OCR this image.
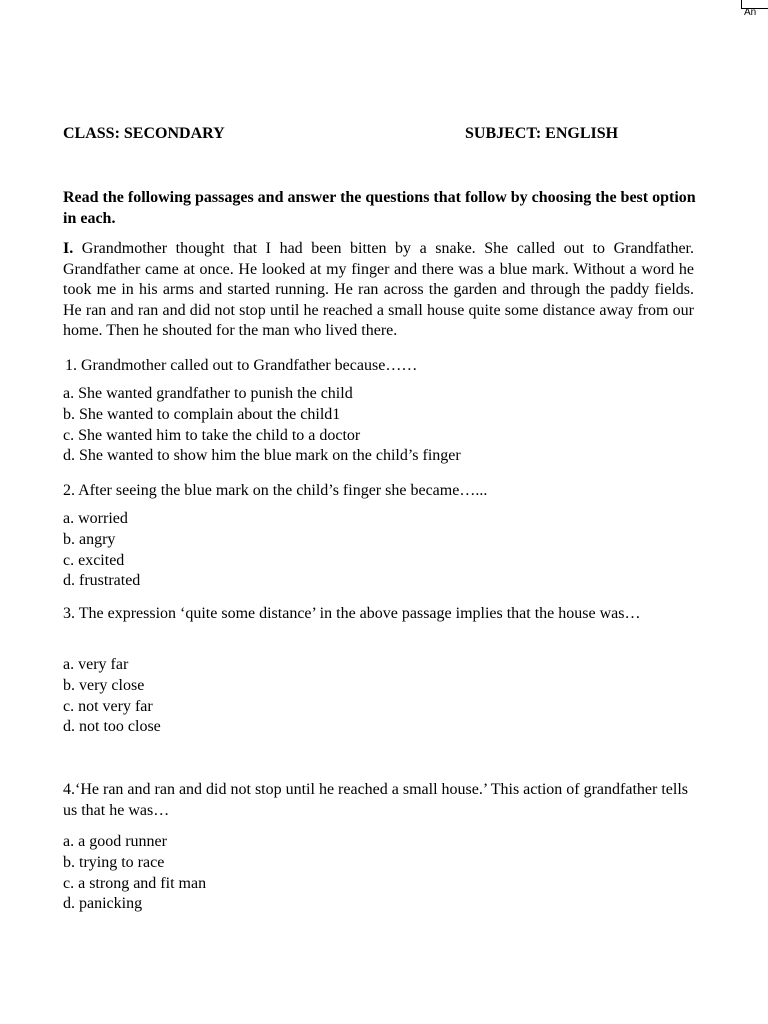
An
CLASS: SECONDARY	SUBJECT: ENGLISH
Read the following passages and answer the questions that follow by choosing the best option in each.
I. Grandmother thought that I had been bitten by a snake. She called out to Grandfather. Grandfather came at once. He looked at my finger and there was a blue mark. Without a word he took me in his arms and started running. He ran across the garden and through the paddy fields. He ran and ran and did not stop until he reached a small house quite some distance away from our home. Then he shouted for the man who lived there.
1. Grandmother called out to Grandfather because……
a. She wanted grandfather to punish the child
b. She wanted to complain about the child1
c. She wanted him to take the child to a doctor
d. She wanted to show him the blue mark on the child’s finger
2. After seeing the blue mark on the child’s finger she became…...
a. worried
b. angry
c. excited
d. frustrated
3. The expression ‘quite some distance’ in the above passage implies that the house was…
a. very far
b. very close
c. not very far
d. not too close
4.‘He ran and ran and did not stop until he reached a small house.’ This action of grandfather tells us that he was…
a. a good runner
b. trying to race
c. a strong and fit man
d. panicking
